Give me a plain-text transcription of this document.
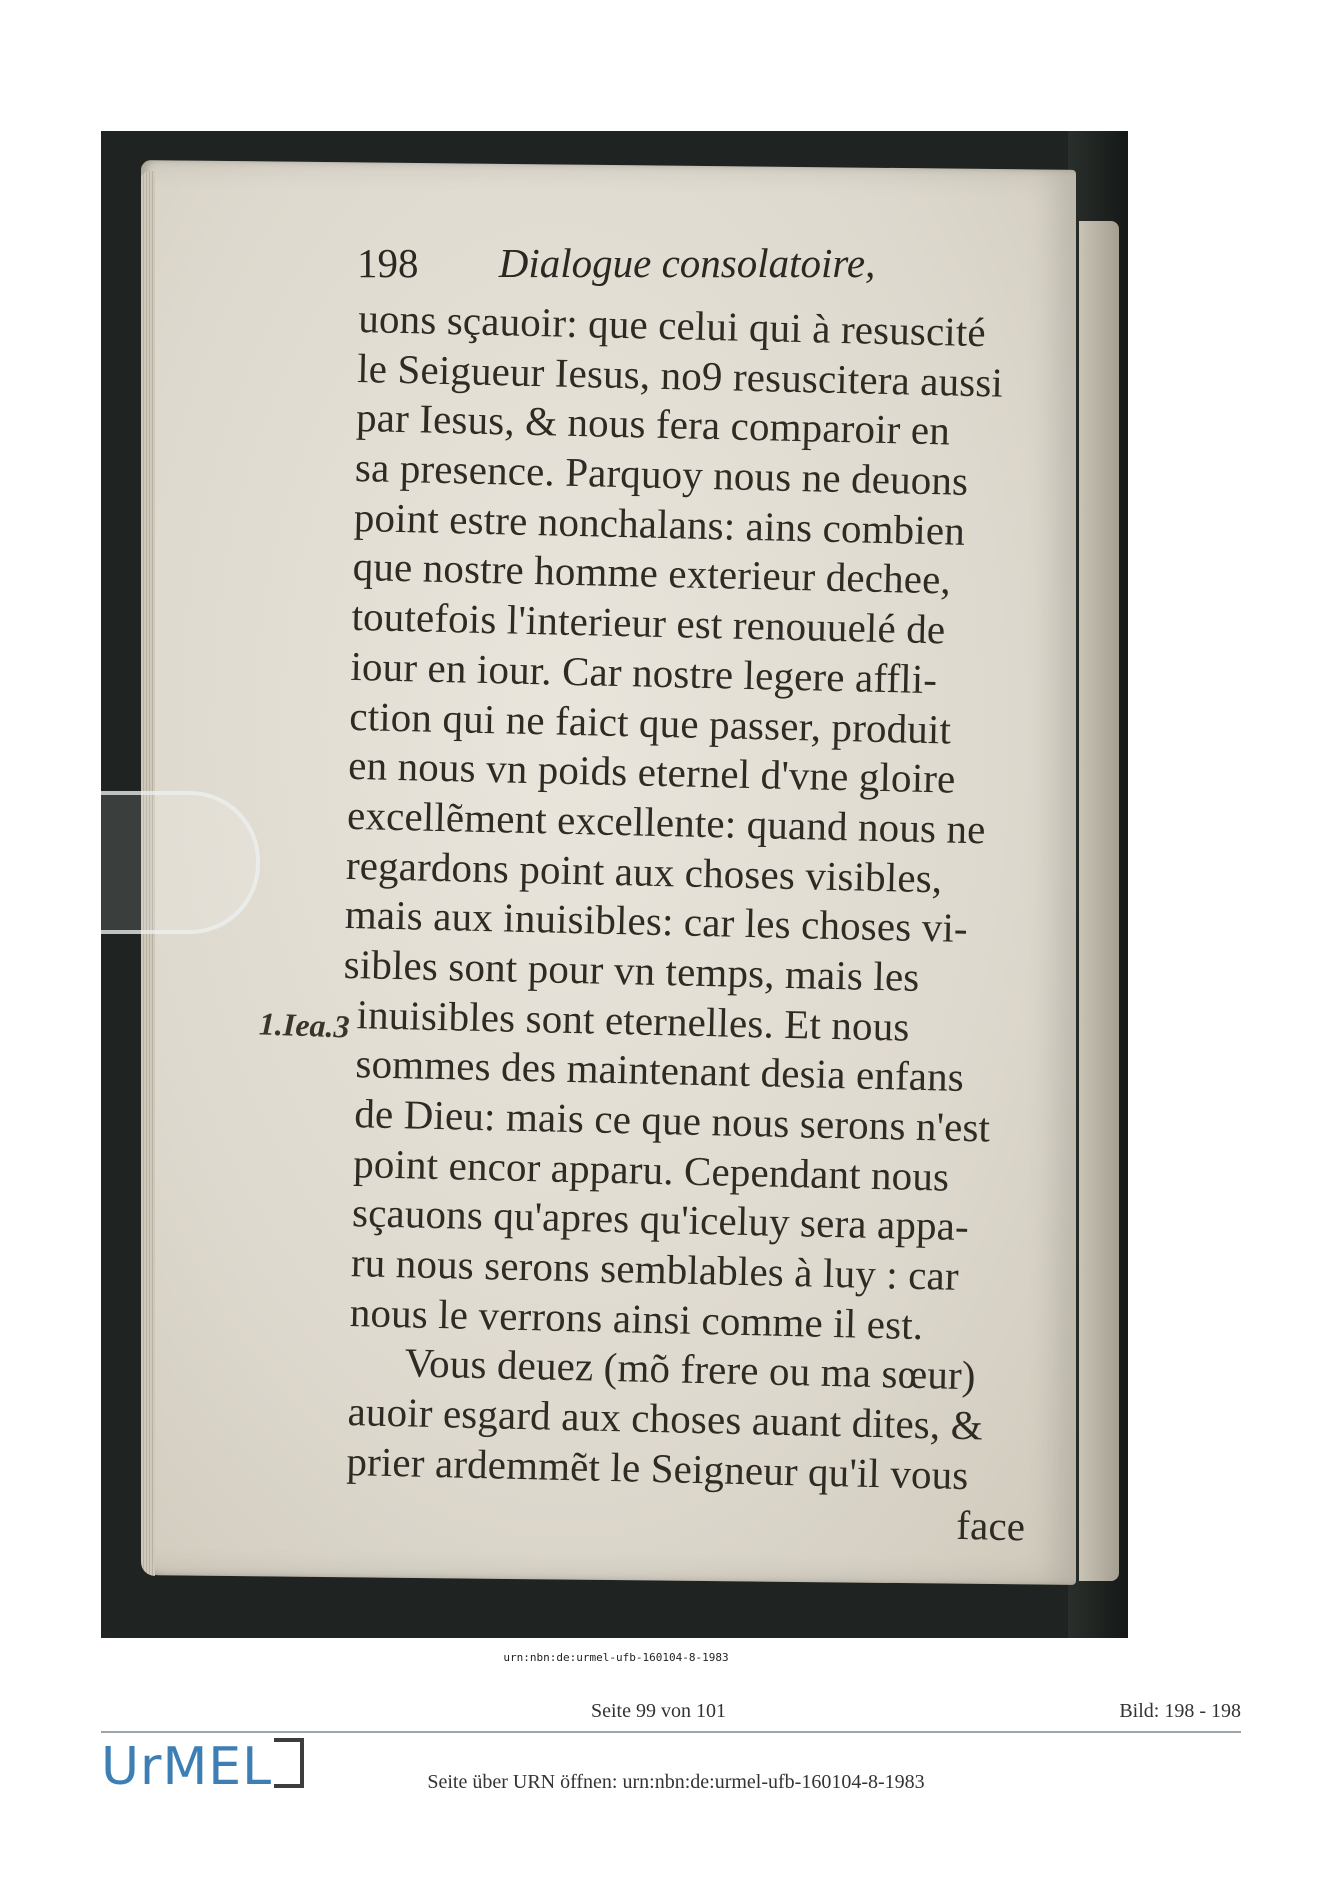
198 Dialogue consolatoire,
uons sçauoir: que celui qui à resuscité
le Seigueur Iesus, no9 resuscitera aussi
par Iesus, & nous fera comparoir en
sa presence. Parquoy nous ne deuons
point estre nonchalans: ains combien
que nostre homme exterieur dechee,
toutefois l'interieur est renouuelé de
iour en iour. Car nostre legere affli-
ction qui ne faict que passer, produit
en nous vn poids eternel d'vne gloire
excellẽment excellente: quand nous ne
regardons point aux choses visibles,
mais aux inuisibles: car les choses vi-
sibles sont pour vn temps, mais les
inuisibles sont eternelles. Et nous
sommes des maintenant desia enfans
de Dieu: mais ce que nous serons n'est
point encor apparu. Cependant nous
sçauons qu'apres qu'iceluy sera appa-
ru nous serons semblables à luy : car
nous le verrons ainsi comme il est.
Vous deuez (mõ frere ou ma sœur)
auoir esgard aux choses auant dites, &
prier ardemmẽt le Seigneur qu'il vous
face
1.Iea.3
urn:nbn:de:urmel-ufb-160104-8-1983
Seite 99 von 101	Bild: 198 - 198
UrMEL	Seite über URN öffnen: urn:nbn:de:urmel-ufb-160104-8-1983
